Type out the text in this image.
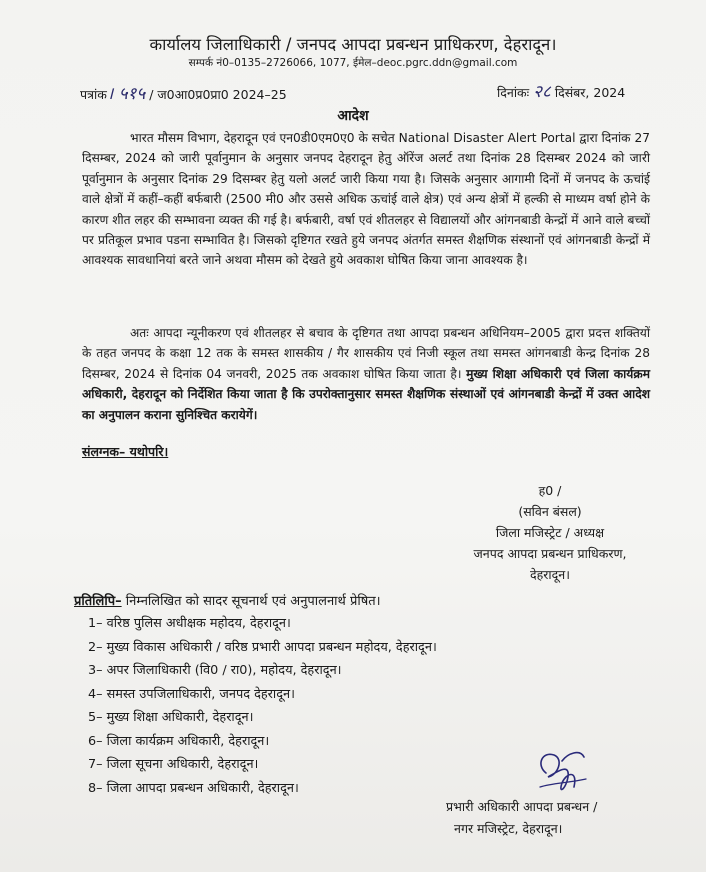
कार्यालय जिलाधिकारी / जनपद आपदा प्रबन्धन प्राधिकरण, देहरादून।
सम्पर्क नं0–0135–2726066, 1077, ईमेल–deoc.pgrc.ddn@gmail.com
पत्रांक। ५१५ / ज0आ0प्र0प्रा0 2024–25	दिनांकः २८ दिसंबर, 2024
आदेश
भारत मौसम विभाग, देहरादून एवं एन0डी0एम0ए0 के सचेत National Disaster Alert Portal द्वारा दिनांक 27 दिसम्बर, 2024 को जारी पूर्वानुमान के अनुसार जनपद देहरादून हेतु ऑरेंज अलर्ट तथा दिनांक 28 दिसम्बर 2024 को जारी पूर्वानुमान के अनुसार दिनांक 29 दिसम्बर हेतु यलो अलर्ट जारी किया गया है। जिसके अनुसार आगामी दिनों में जनपद के ऊचांई वाले क्षेत्रों में कहीं–कहीं बर्फबारी (2500 मी0 और उससे अधिक ऊचांई वाले क्षेत्र) एवं अन्य क्षेत्रों में हल्की से माध्यम वर्षा होने के कारण शीत लहर की सम्भावना व्यक्त की गई है। बर्फबारी, वर्षा एवं शीतलहर से विद्यालयों और आंगनबाडी केन्द्रों में आने वाले बच्चों पर प्रतिकूल प्रभाव पडना सम्भावित है। जिसको दृष्टिगत रखते हुये जनपद अंतर्गत समस्त शैक्षणिक संस्थानों एवं आंगनबाडी केन्द्रों में आवश्यक सावधानियां बरते जाने अथवा मौसम को देखते हुये अवकाश घोषित किया जाना आवश्यक है।
अतः आपदा न्यूनीकरण एवं शीतलहर से बचाव के दृष्टिगत तथा आपदा प्रबन्धन अधिनियम–2005 द्वारा प्रदत्त शक्तियों के तहत जनपद के कक्षा 12 तक के समस्त शासकीय / गैर शासकीय एवं निजी स्कूल तथा समस्त आंगनबाडी केन्द्र दिनांक 28 दिसम्बर, 2024 से दिनांक 04 जनवरी, 2025 तक अवकाश घोषित किया जाता है। मुख्य शिक्षा अधिकारी एवं जिला कार्यक्रम अधिकारी, देहरादून को निर्देशित किया जाता है कि उपरोक्तानुसार समस्त शैक्षणिक संस्थाओं एवं आंगनबाडी केन्द्रों में उक्त आदेश का अनुपालन कराना सुनिश्चित करायेगें।
संलग्नक– यथोपरि।
ह0 /
(सविन बंसल)
जिला मजिस्ट्रेट / अध्यक्ष
जनपद आपदा प्रबन्धन प्राधिकरण,
देहरादून।
प्रतिलिपि– निम्नलिखित को सादर सूचनार्थ एवं अनुपालनार्थ प्रेषित।
1– वरिष्ठ पुलिस अधीक्षक महोदय, देहरादून।
2– मुख्य विकास अधिकारी / वरिष्ठ प्रभारी आपदा प्रबन्धन महोदय, देहरादून।
3– अपर जिलाधिकारी (वि0 / रा0), महोदय, देहरादून।
4– समस्त उपजिलाधिकारी, जनपद देहरादून।
5– मुख्य शिक्षा अधिकारी, देहरादून।
6– जिला कार्यक्रम अधिकारी, देहरादून।
7– जिला सूचना अधिकारी, देहरादून।
8– जिला आपदा प्रबन्धन अधिकारी, देहरादून।
प्रभारी अधिकारी आपदा प्रबन्धन /
नगर मजिस्ट्रेट, देहरादून।
